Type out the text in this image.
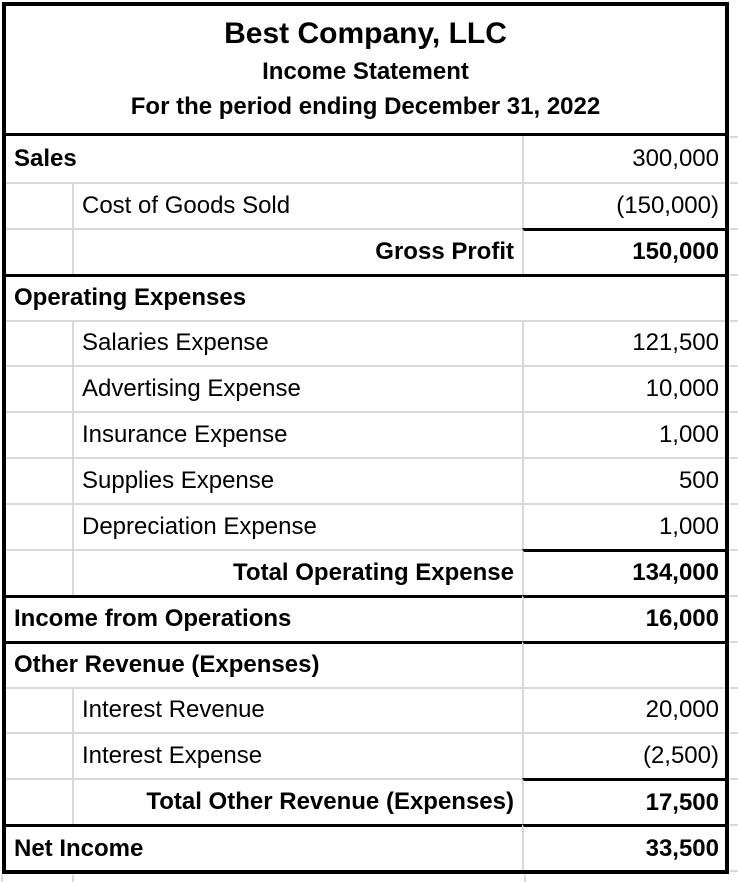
Best Company, LLC
Income Statement
For the period ending December 31, 2022
Sales	300,000
Cost of Goods Sold	(150,000)
Gross Profit	150,000
Operating Expenses
Salaries Expense	121,500
Advertising Expense	10,000
Insurance Expense	1,000
Supplies Expense	500
Depreciation Expense	1,000
Total Operating Expense	134,000
Income from Operations	16,000
Other Revenue (Expenses)
Interest Revenue	20,000
Interest Expense	(2,500)
Total Other Revenue (Expenses)	17,500
Net Income	33,500
